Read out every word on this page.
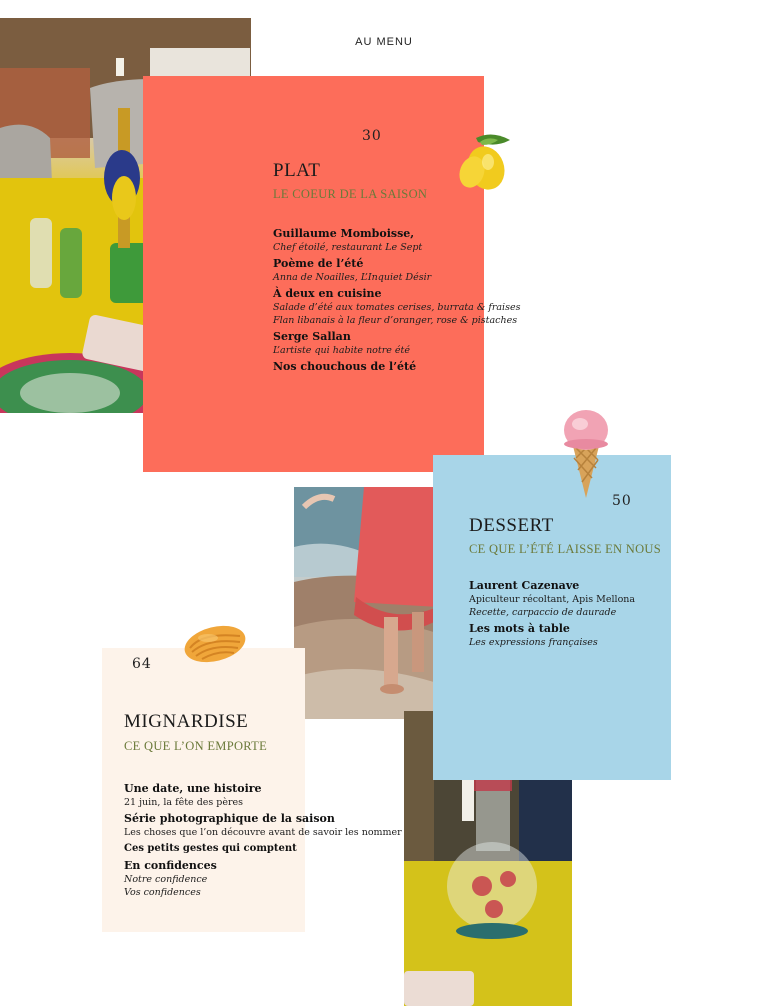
AU MENU
30
PLAT
LE COEUR DE LA SAISON
Guillaume Momboisse,
Chef étoilé, restaurant Le Sept
Poème de l’été
Anna de Noailles, L’Inquiet Désir
À deux en cuisine
Salade d’été aux tomates cerises, burrata & fraises
Flan libanais à la fleur d’oranger, rose & pistaches
Serge Sallan
L’artiste qui habite notre été
Nos chouchous de l’été
50
DESSERT
CE QUE L’ÉTÉ LAISSE EN NOUS
Laurent Cazenave
Apiculteur récoltant, Apis Mellona
Recette, carpaccio de daurade
Les mots à table
Les expressions françaises
64
MIGNARDISE
CE QUE L’ON EMPORTE
Une date, une histoire
21 juin, la fête des pères
Série photographique de la saison
Les choses que l’on découvre avant de savoir les nommer
Ces petits gestes qui comptent
En confidences
Notre confidence
Vos confidences
